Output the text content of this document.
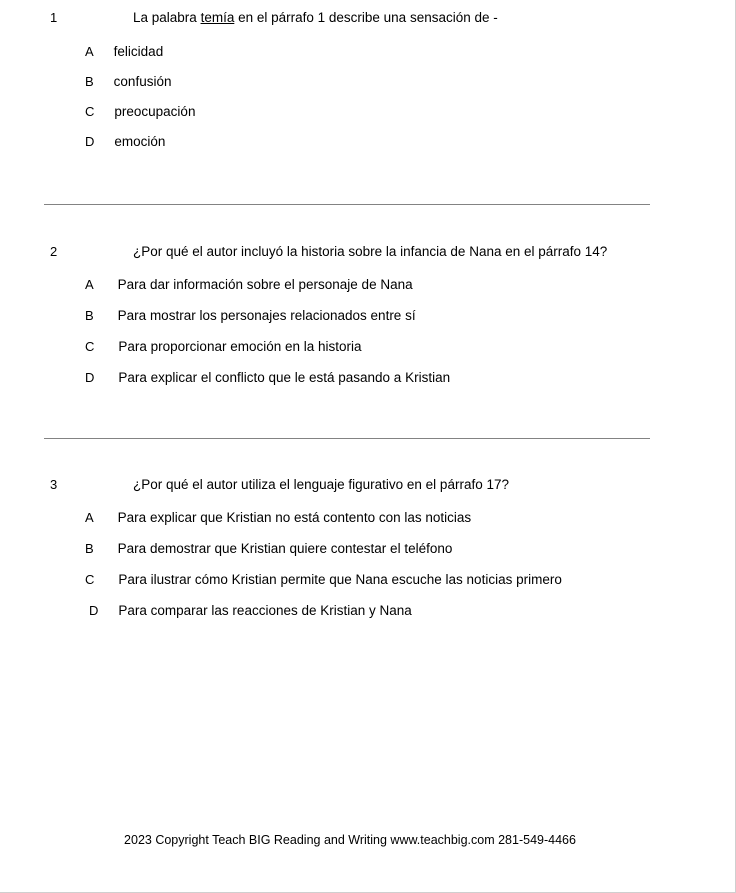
1	La palabra temía en el párrafo 1 describe una sensación de -
A	felicidad
B	confusión
C	preocupación
D	emoción
2	¿Por qué el autor incluyó la historia sobre la infancia de Nana en el párrafo 14?
A	Para dar información sobre el personaje de Nana
B	Para mostrar los personajes relacionados entre sí
C	Para proporcionar emoción en la historia
D	Para explicar el conflicto que le está pasando a Kristian
3	¿Por qué el autor utiliza el lenguaje figurativo en el párrafo 17?
A	Para explicar que Kristian no está contento con las noticias
B	Para demostrar que Kristian quiere contestar el teléfono
C	Para ilustrar cómo Kristian permite que Nana escuche las noticias primero
D	Para comparar las reacciones de Kristian y Nana
2023 Copyright Teach BIG Reading and Writing www.teachbig.com 281-549-4466
